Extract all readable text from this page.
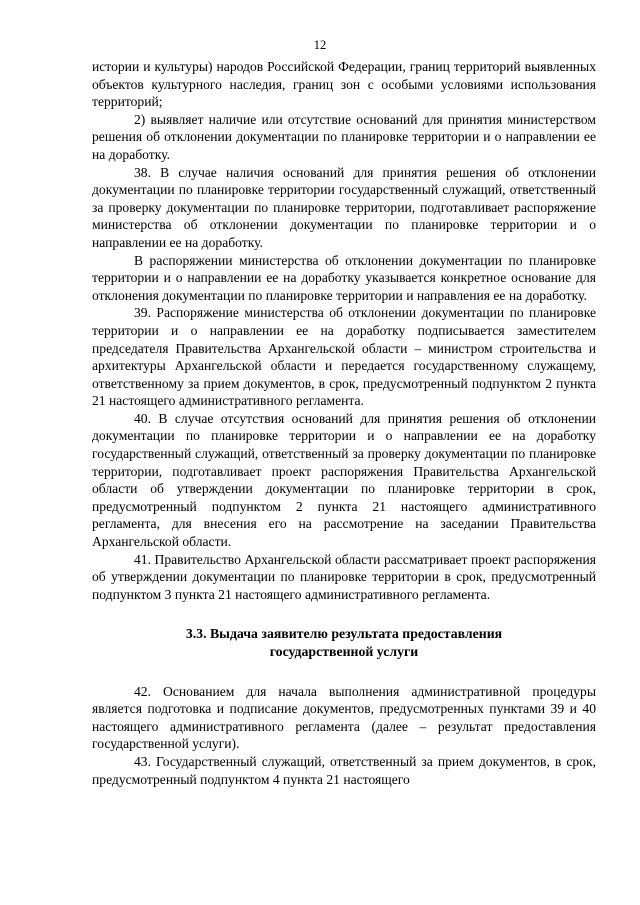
12

истории и культуры) народов Российской Федерации, границ территорий выявленных объектов культурного наследия, границ зон с особыми условиями использования территорий;

2) выявляет наличие или отсутствие оснований для принятия министерством решения об отклонении документации по планировке территории и о направлении ее на доработку.

38. В случае наличия оснований для принятия решения об отклонении документации по планировке территории государственный служащий, ответственный за проверку документации по планировке территории, подготавливает распоряжение министерства об отклонении документации по планировке территории и о направлении ее на доработку.

В распоряжении министерства об отклонении документации по планировке территории и о направлении ее на доработку указывается конкретное основание для отклонения документации по планировке территории и направления ее на доработку.

39. Распоряжение министерства об отклонении документации по планировке территории и о направлении ее на доработку подписывается заместителем председателя Правительства Архангельской области – министром строительства и архитектуры Архангельской области и передается государственному служащему, ответственному за прием документов, в срок, предусмотренный подпунктом 2 пункта 21 настоящего административного регламента.

40. В случае отсутствия оснований для принятия решения об отклонении документации по планировке территории и о направлении ее на доработку государственный служащий, ответственный за проверку документации по планировке территории, подготавливает проект распоряжения Правительства Архангельской области об утверждении документации по планировке территории в срок, предусмотренный подпунктом 2 пункта 21 настоящего административного регламента, для внесения его на рассмотрение на заседании Правительства Архангельской области.

41. Правительство Архангельской области рассматривает проект распоряжения об утверждении документации по планировке территории в срок, предусмотренный подпунктом 3 пункта 21 настоящего административного регламента.

3.3. Выдача заявителю результата предоставления
государственной услуги

42. Основанием для начала выполнения административной процедуры является подготовка и подписание документов, предусмотренных пунктами 39 и 40 настоящего административного регламента (далее – результат предоставления государственной услуги).

43. Государственный служащий, ответственный за прием документов, в срок, предусмотренный подпунктом 4 пункта 21 настоящего
